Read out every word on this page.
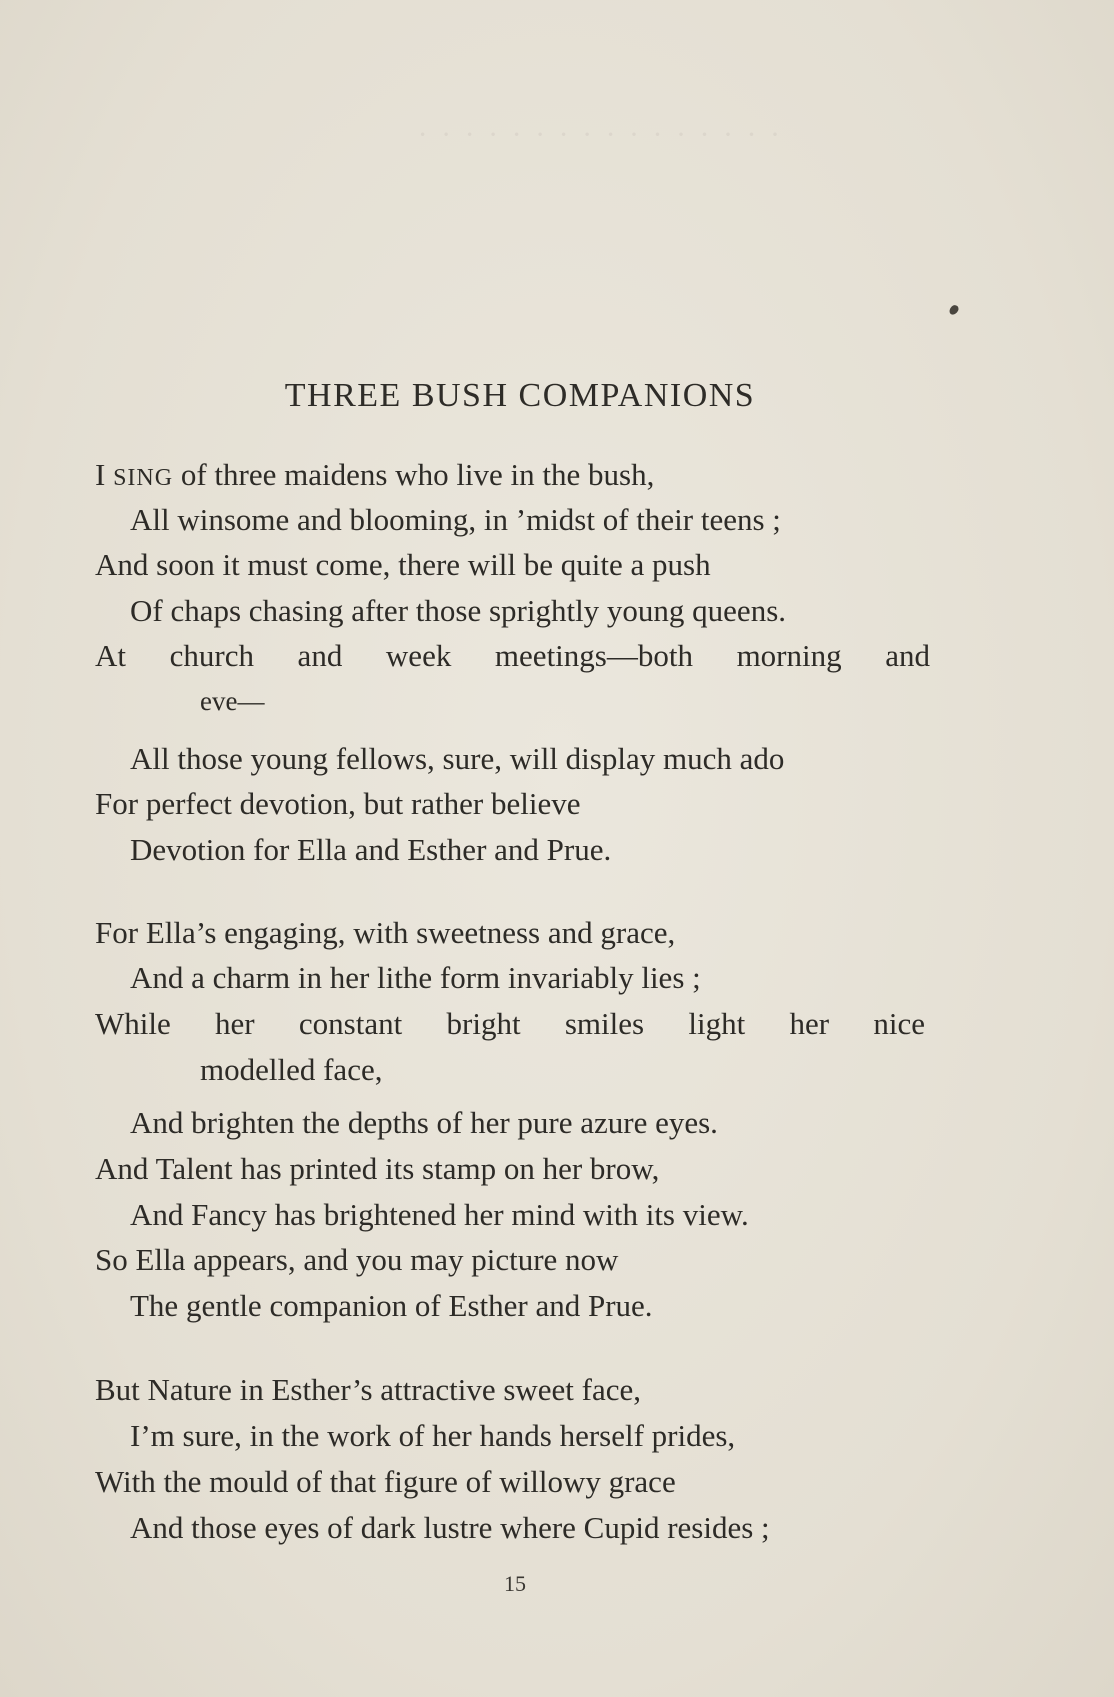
· · · · · · · · · · · · · · · ·
THREE BUSH COMPANIONS
I SING of three maidens who live in the bush,
All winsome and blooming, in ’midst of their teens ;
And soon it must come, there will be quite a push
Of chaps chasing after those sprightly young queens.
At church and week meetings—both morning and
eve—
All those young fellows, sure, will display much ado
For perfect devotion, but rather believe
Devotion for Ella and Esther and Prue.
For Ella’s engaging, with sweetness and grace,
And a charm in her lithe form invariably lies ;
While her constant bright smiles light her nice
modelled face,
And brighten the depths of her pure azure eyes.
And Talent has printed its stamp on her brow,
And Fancy has brightened her mind with its view.
So Ella appears, and you may picture now
The gentle companion of Esther and Prue.
But Nature in Esther’s attractive sweet face,
I’m sure, in the work of her hands herself prides,
With the mould of that figure of willowy grace
And those eyes of dark lustre where Cupid resides ;
15
